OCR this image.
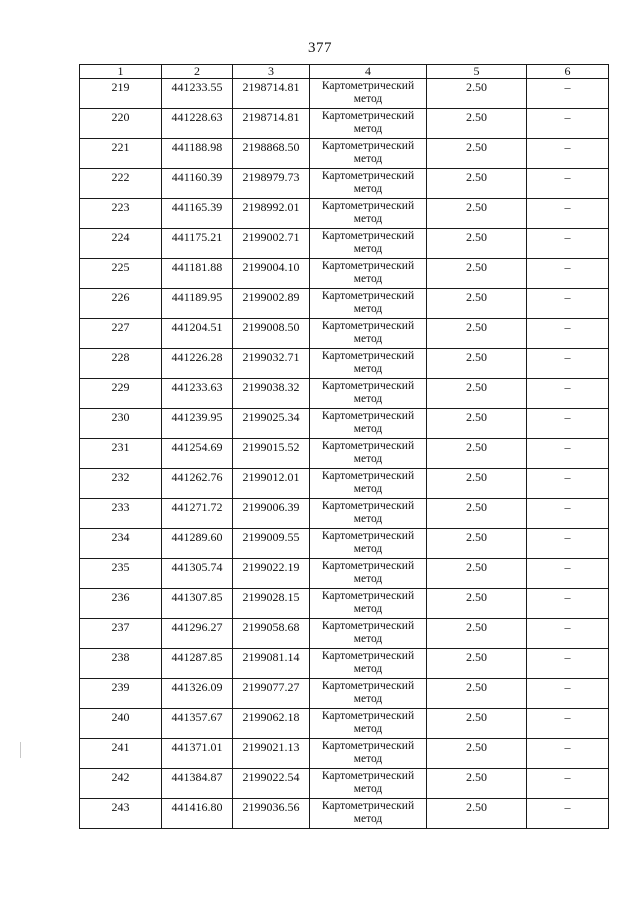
377
1	2	3	4	5	6
219	441233.55	2198714.81	Картометрический метод	2.50	–
220	441228.63	2198714.81	Картометрический метод	2.50	–
221	441188.98	2198868.50	Картометрический метод	2.50	–
222	441160.39	2198979.73	Картометрический метод	2.50	–
223	441165.39	2198992.01	Картометрический метод	2.50	–
224	441175.21	2199002.71	Картометрический метод	2.50	–
225	441181.88	2199004.10	Картометрический метод	2.50	–
226	441189.95	2199002.89	Картометрический метод	2.50	–
227	441204.51	2199008.50	Картометрический метод	2.50	–
228	441226.28	2199032.71	Картометрический метод	2.50	–
229	441233.63	2199038.32	Картометрический метод	2.50	–
230	441239.95	2199025.34	Картометрический метод	2.50	–
231	441254.69	2199015.52	Картометрический метод	2.50	–
232	441262.76	2199012.01	Картометрический метод	2.50	–
233	441271.72	2199006.39	Картометрический метод	2.50	–
234	441289.60	2199009.55	Картометрический метод	2.50	–
235	441305.74	2199022.19	Картометрический метод	2.50	–
236	441307.85	2199028.15	Картометрический метод	2.50	–
237	441296.27	2199058.68	Картометрический метод	2.50	–
238	441287.85	2199081.14	Картометрический метод	2.50	–
239	441326.09	2199077.27	Картометрический метод	2.50	–
240	441357.67	2199062.18	Картометрический метод	2.50	–
241	441371.01	2199021.13	Картометрический метод	2.50	–
242	441384.87	2199022.54	Картометрический метод	2.50	–
243	441416.80	2199036.56	Картометрический метод	2.50	–
